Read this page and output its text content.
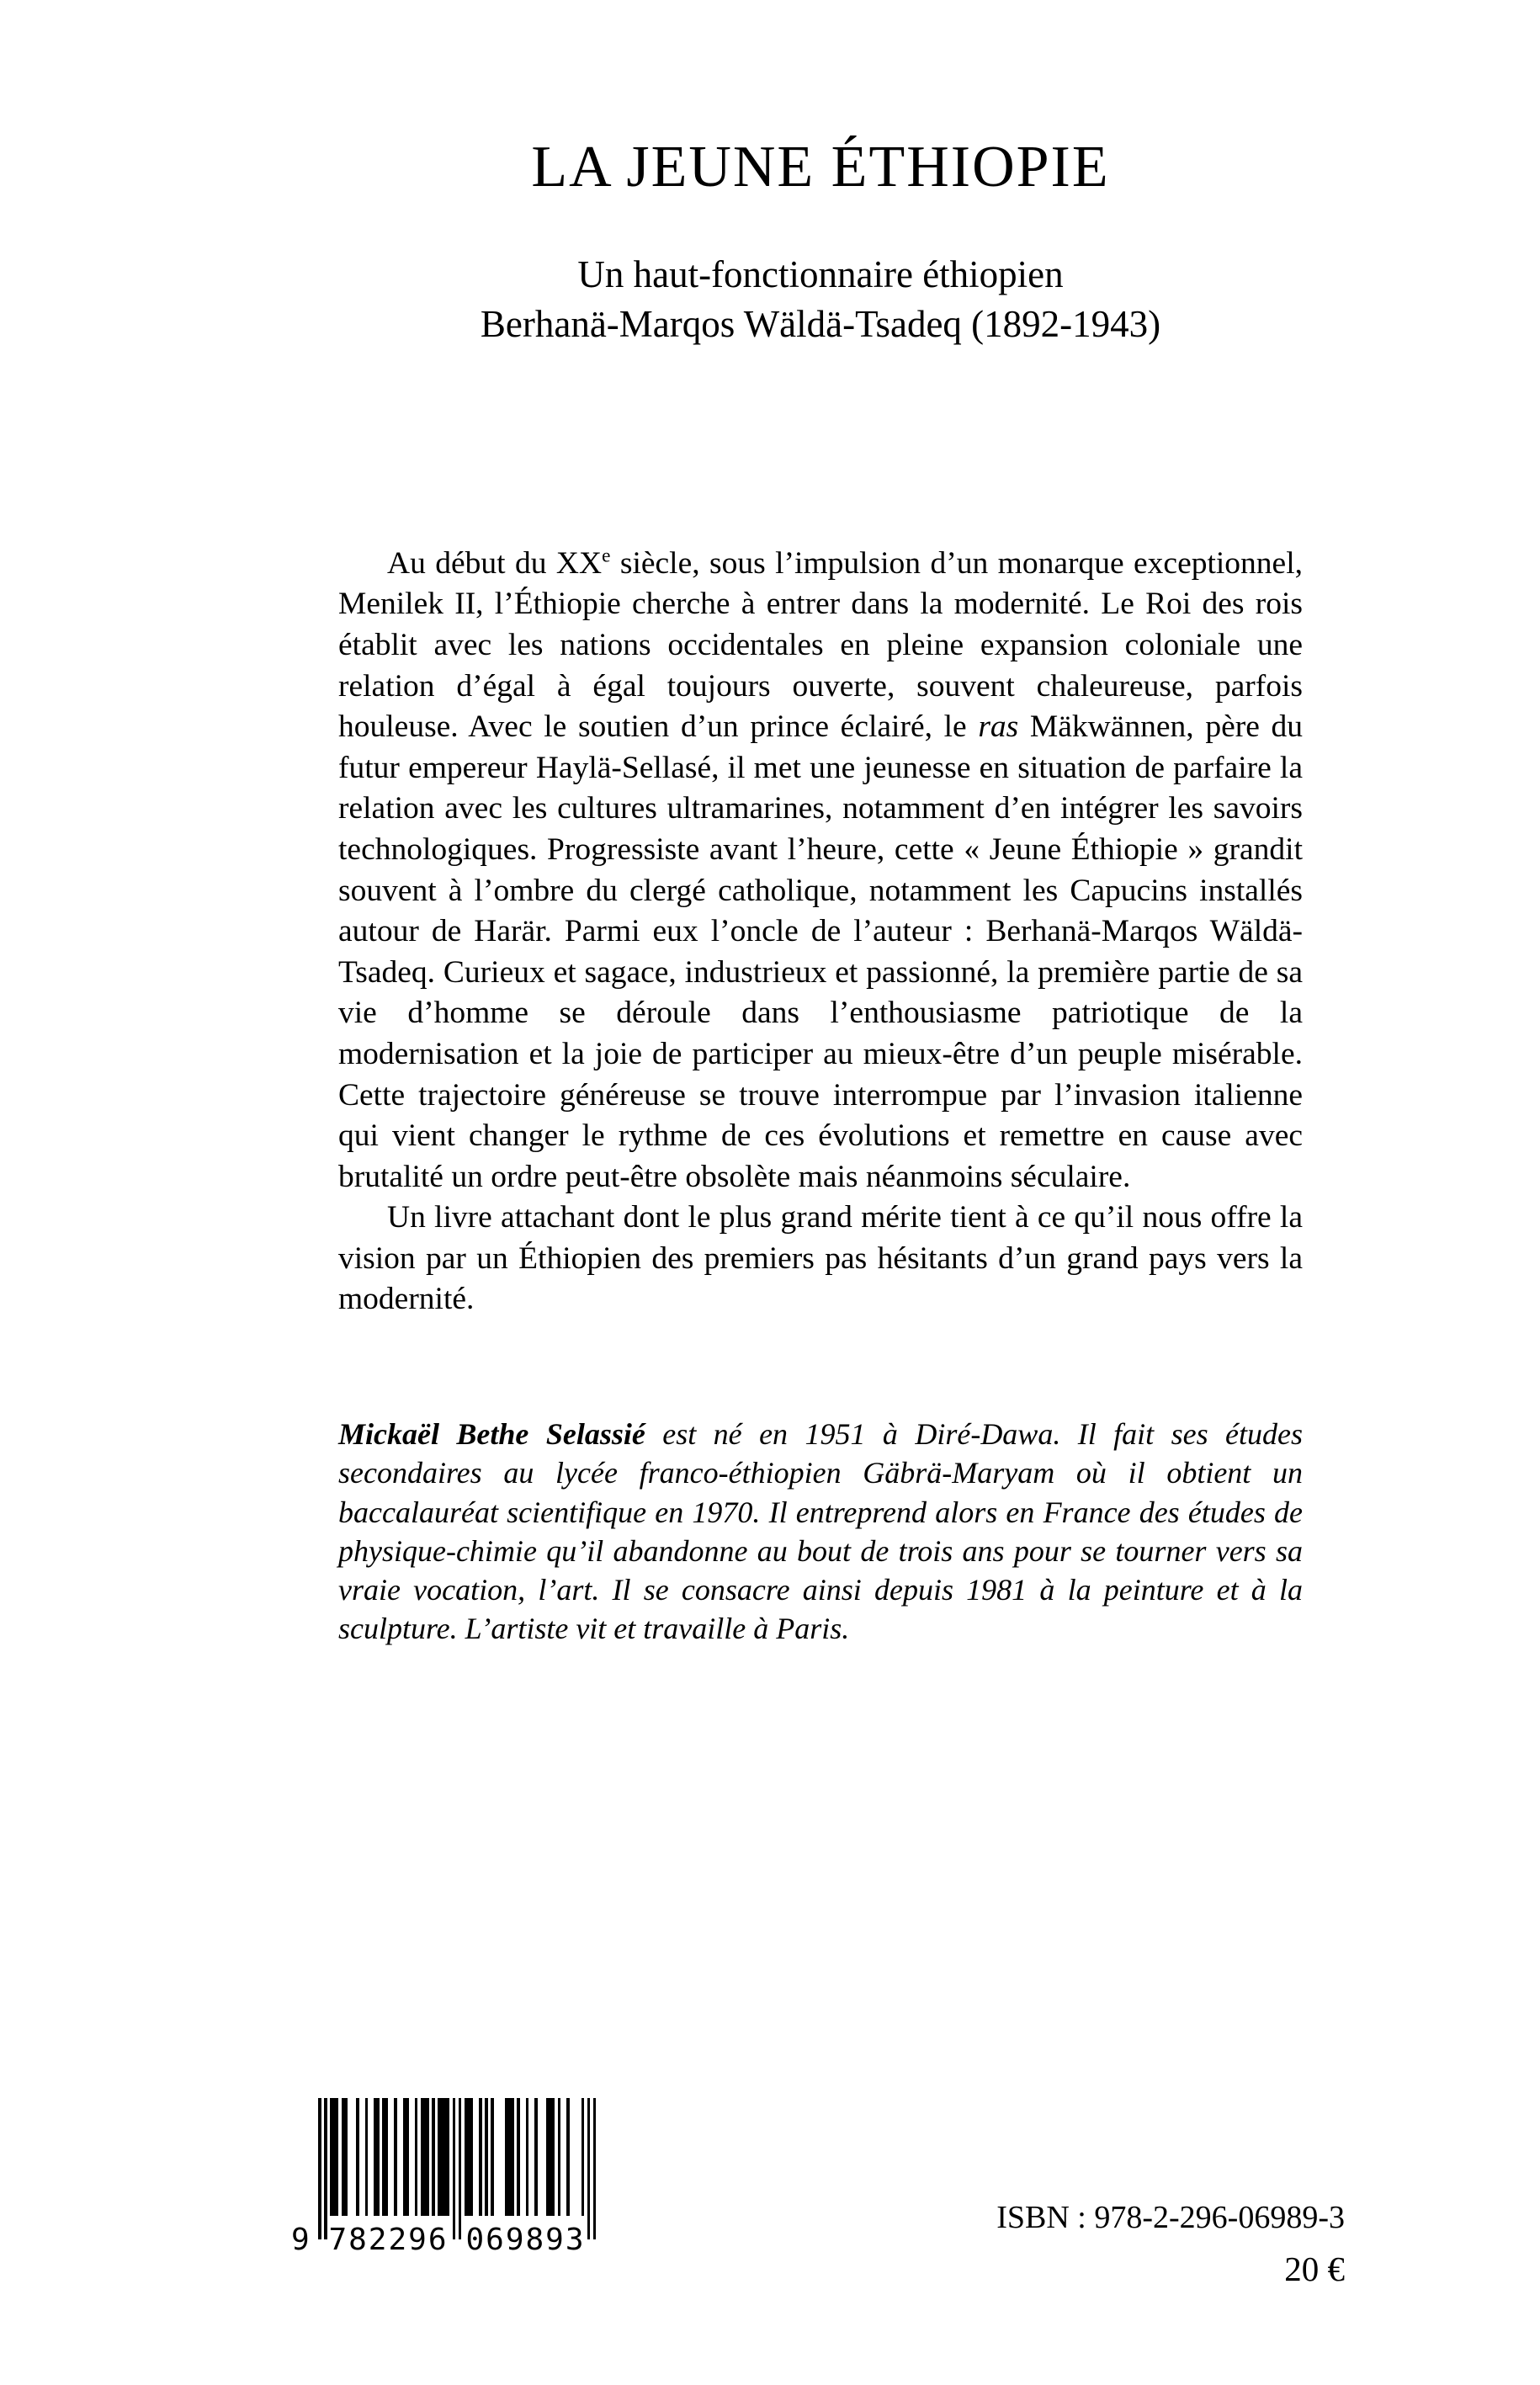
LA JEUNE ÉTHIOPIE
Un haut-fonctionnaire éthiopien
Berhanä-Marqos Wäldä-Tsadeq (1892-1943)

Au début du XXe siècle, sous l’impulsion d’un monarque exceptionnel, Menilek II, l’Éthiopie cherche à entrer dans la modernité. Le Roi des rois établit avec les nations occidentales en pleine expansion coloniale une relation d’égal à égal toujours ouverte, souvent chaleureuse, parfois houleuse. Avec le soutien d’un prince éclairé, le ras Mäkwännen, père du futur empereur Haylä-Sellasé, il met une jeunesse en situation de parfaire la relation avec les cultures ultramarines, notamment d’en intégrer les savoirs technologiques. Progressiste avant l’heure, cette « Jeune Éthiopie » grandit souvent à l’ombre du clergé catholique, notamment les Capucins installés autour de Harär. Parmi eux l’oncle de l’auteur : Berhanä-Marqos Wäldä-Tsadeq. Curieux et sagace, industrieux et passionné, la première partie de sa vie d’homme se déroule dans l’enthousiasme patriotique de la modernisation et la joie de participer au mieux-être d’un peuple misérable. Cette trajectoire généreuse se trouve interrompue par l’invasion italienne qui vient changer le rythme de ces évolutions et remettre en cause avec brutalité un ordre peut-être obsolète mais néanmoins séculaire.

Un livre attachant dont le plus grand mérite tient à ce qu’il nous offre la vision par un Éthiopien des premiers pas hésitants d’un grand pays vers la modernité.

Mickaël Bethe Selassié est né en 1951 à Diré-Dawa. Il fait ses études secondaires au lycée franco-éthiopien Gäbrä-Maryam où il obtient un baccalauréat scientifique en 1970. Il entreprend alors en France des études de physique-chimie qu’il abandonne au bout de trois ans pour se tourner vers sa vraie vocation, l’art. Il se consacre ainsi depuis 1981 à la peinture et à la sculpture. L’artiste vit et travaille à Paris.

9 782296 069893
ISBN : 978-2-296-06989-3
20 €
